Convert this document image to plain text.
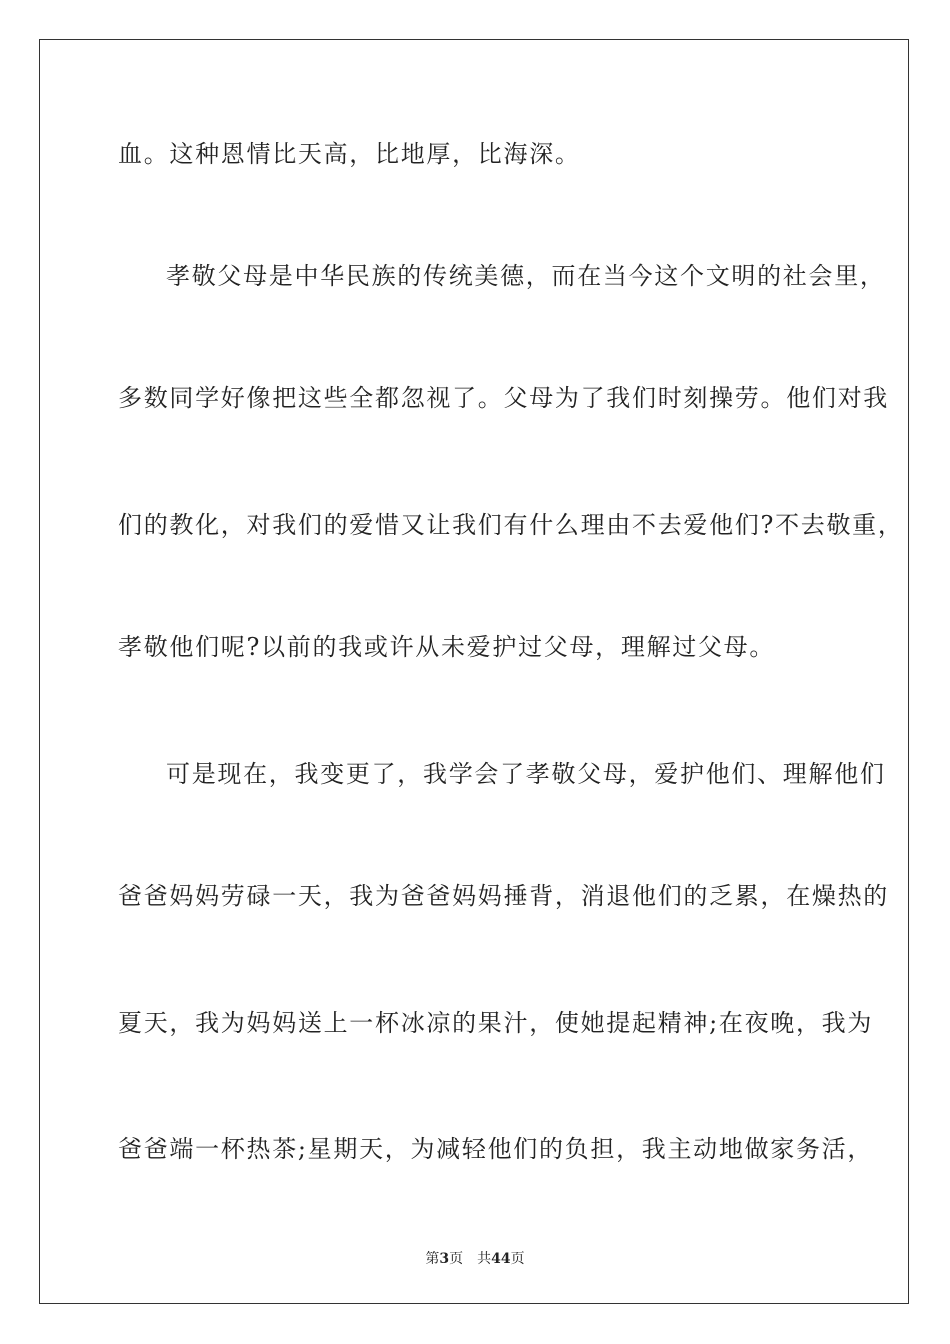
血。这种恩情比天高，比地厚，比海深。
孝敬父母是中华民族的传统美德，而在当今这个文明的社会里，
多数同学好像把这些全都忽视了。父母为了我们时刻操劳。他们对我
们的教化，对我们的爱惜又让我们有什么理由不去爱他们?不去敬重，
孝敬他们呢?以前的我或许从未爱护过父母，理解过父母。
可是现在，我变更了，我学会了孝敬父母，爱护他们、理解他们
爸爸妈妈劳碌一天，我为爸爸妈妈捶背，消退他们的乏累，在燥热的
夏天，我为妈妈送上一杯冰凉的果汁，使她提起精神;在夜晚，我为
爸爸端一杯热茶;星期天，为减轻他们的负担，我主动地做家务活，
第3页 共44页
